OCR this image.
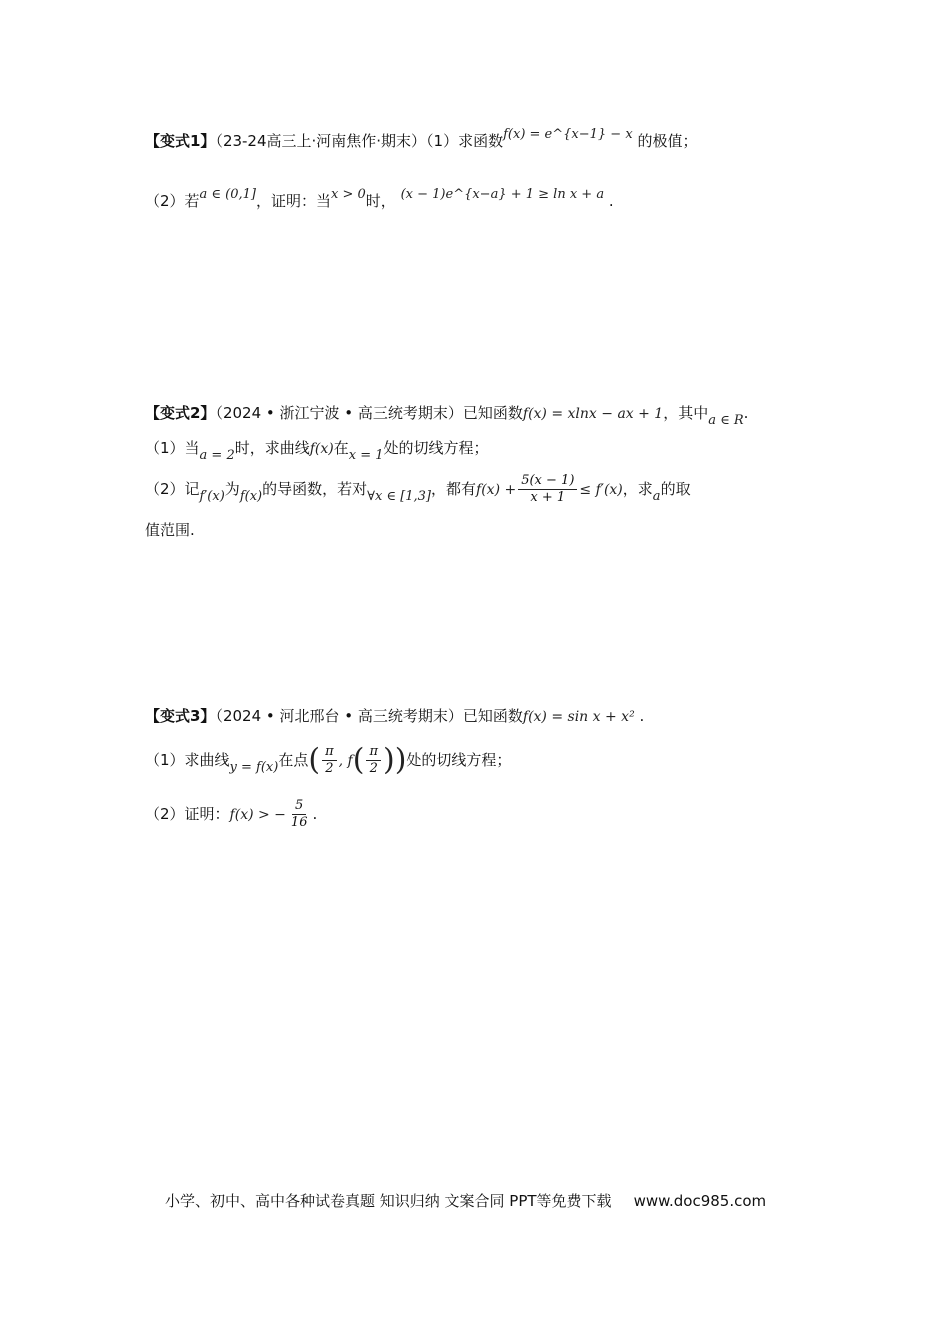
【变式1】（23-24高三上·河南焦作·期末）（1）求函数f(x) = e^{x−1} − x 的极值；
（2）若a ∈ (0,1]，证明：当x > 0时， (x − 1)e^{x−a} + 1 ≥ ln x + a .
【变式2】（2024 • 浙江宁波 • 高三统考期末）已知函数f(x) = xlnx − ax + 1，其中a ∈ R.
（1）当a = 2时，求曲线f(x)在x = 1处的切线方程；
（2）记f′(x)为f(x)的导函数，若对∀x ∈ [1,3]，都有$f(x) + \frac{5(x - 1)}{x + 1} \le f'(x)$，求a的取
值范围.
【变式3】（2024 • 河北邢台 • 高三统考期末）已知函数f(x) = sin x + x² .
（1）求曲线y = f(x)在点( $\frac{\pi}{2}$ , $f( \frac{\pi}{2}$ ))处的切线方程；
（2）证明：f(x) > − $\frac{5}{16}$ .
小学、初中、高中各种试卷真题 知识归纳 文案合同 PPT等免费下载 www.doc985.com
